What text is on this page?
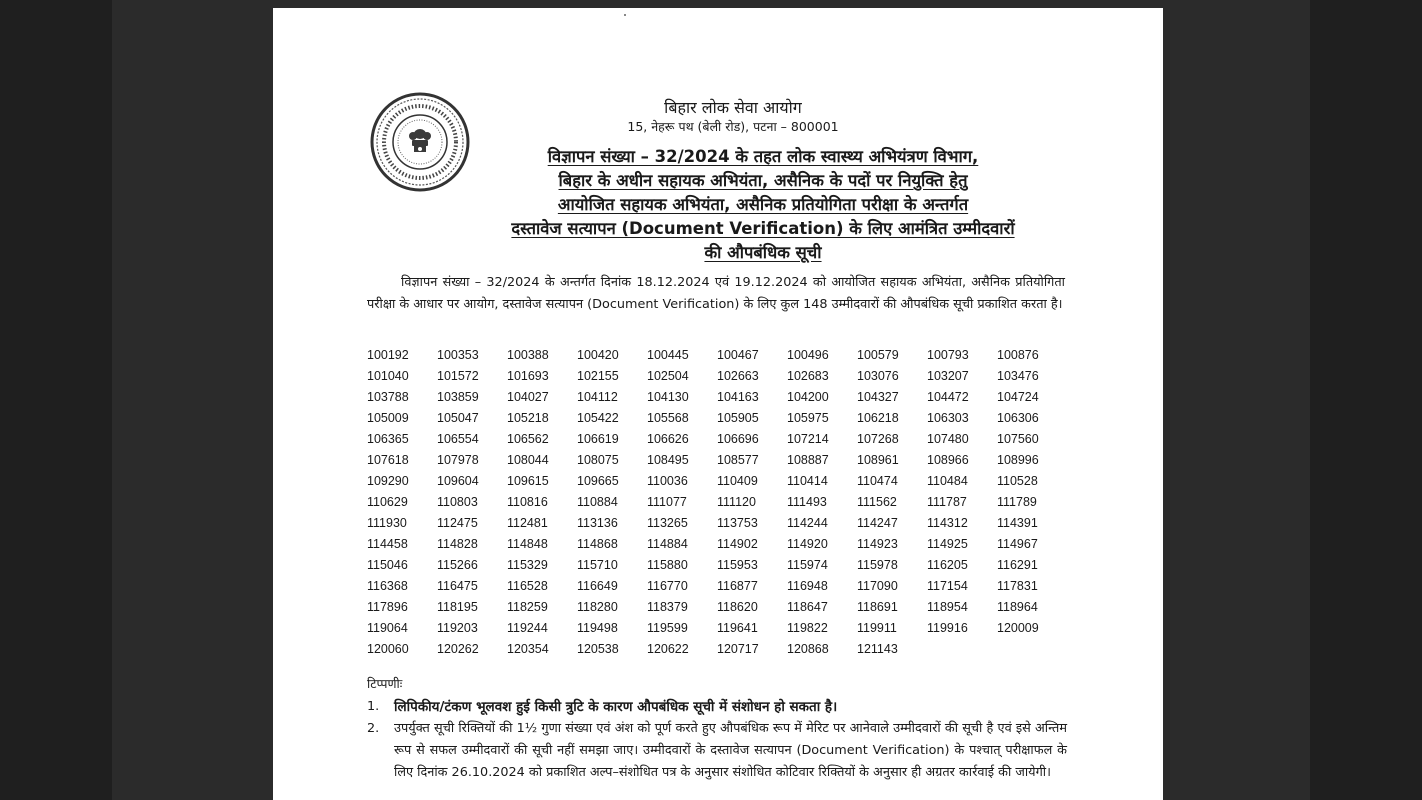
बिहार लोक सेवा आयोग
15, नेहरू पथ (बेली रोड), पटना – 800001
विज्ञापन संख्या – 32/2024 के तहत लोक स्वास्थ्य अभियंत्रण विभाग,
बिहार के अधीन सहायक अभियंता, असैनिक के पदों पर नियुक्ति हेतु
आयोजित सहायक अभियंता, असैनिक प्रतियोगिता परीक्षा के अन्तर्गत
दस्तावेज सत्यापन (Document Verification) के लिए आमंत्रित उम्मीदवारों
की औपबंधिक सूची

विज्ञापन संख्या – 32/2024 के अन्तर्गत दिनांक 18.12.2024 एवं 19.12.2024 को आयोजित सहायक अभियंता, असैनिक प्रतियोगिता परीक्षा के आधार पर आयोग, दस्तावेज सत्यापन (Document Verification) के लिए कुल 148 उम्मीदवारों की औपबंधिक सूची प्रकाशित करता है।

100192	100353	100388	100420	100445	100467	100496	100579	100793	100876
101040	101572	101693	102155	102504	102663	102683	103076	103207	103476
103788	103859	104027	104112	104130	104163	104200	104327	104472	104724
105009	105047	105218	105422	105568	105905	105975	106218	106303	106306
106365	106554	106562	106619	106626	106696	107214	107268	107480	107560
107618	107978	108044	108075	108495	108577	108887	108961	108966	108996
109290	109604	109615	109665	110036	110409	110414	110474	110484	110528
110629	110803	110816	110884	111077	111120	111493	111562	111787	111789
111930	112475	112481	113136	113265	113753	114244	114247	114312	114391
114458	114828	114848	114868	114884	114902	114920	114923	114925	114967
115046	115266	115329	115710	115880	115953	115974	115978	116205	116291
116368	116475	116528	116649	116770	116877	116948	117090	117154	117831
117896	118195	118259	118280	118379	118620	118647	118691	118954	118964
119064	119203	119244	119498	119599	119641	119822	119911	119916	120009
120060	120262	120354	120538	120622	120717	120868	121143
टिप्पणीः
1.	लिपिकीय/टंकण भूलवश हुई किसी त्रुटि के कारण औपबंधिक सूची में संशोधन हो सकता है।
2.	उपर्युक्त सूची रिक्तियों की 1½ गुणा संख्या एवं अंश को पूर्ण करते हुए औपबंधिक रूप में मेरिट पर आनेवाले उम्मीदवारों की सूची है एवं इसे अन्तिम रूप से सफल उम्मीदवारों की सूची नहीं समझा जाए। उम्मीदवारों के दस्तावेज सत्यापन (Document Verification) के पश्चात् परीक्षाफल के लिए दिनांक 26.10.2024 को प्रकाशित अल्प–संशोधित पत्र के अनुसार संशोधित कोटिवार रिक्तियों के अनुसार ही अग्रतर कार्रवाई की जायेगी।
